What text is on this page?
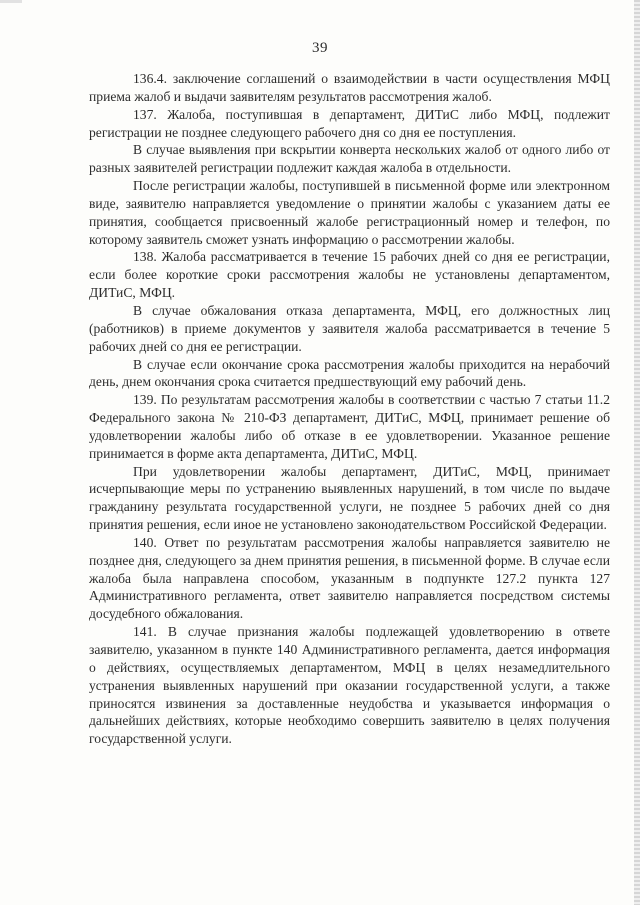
39

136.4. заключение соглашений о взаимодействии в части осуществления МФЦ приема жалоб и выдачи заявителям результатов рассмотрения жалоб.

137. Жалоба, поступившая в департамент, ДИТиС либо МФЦ, подлежит регистрации не позднее следующего рабочего дня со дня ее поступления.

В случае выявления при вскрытии конверта нескольких жалоб от одного либо от разных заявителей регистрации подлежит каждая жалоба в отдельности.

После регистрации жалобы, поступившей в письменной форме или электронном виде, заявителю направляется уведомление о принятии жалобы с указанием даты ее принятия, сообщается присвоенный жалобе регистрационный номер и телефон, по которому заявитель сможет узнать информацию о рассмотрении жалобы.

138. Жалоба рассматривается в течение 15 рабочих дней со дня ее регистрации, если более короткие сроки рассмотрения жалобы не установлены департаментом, ДИТиС, МФЦ.

В случае обжалования отказа департамента, МФЦ, его должностных лиц (работников) в приеме документов у заявителя жалоба рассматривается в течение 5 рабочих дней со дня ее регистрации.

В случае если окончание срока рассмотрения жалобы приходится на нерабочий день, днем окончания срока считается предшествующий ему рабочий день.

139. По результатам рассмотрения жалобы в соответствии с частью 7 статьи 11.2 Федерального закона № 210-ФЗ департамент, ДИТиС, МФЦ, принимает решение об удовлетворении жалобы либо об отказе в ее удовлетворении. Указанное решение принимается в форме акта департамента, ДИТиС, МФЦ.

При удовлетворении жалобы департамент, ДИТиС, МФЦ, принимает исчерпывающие меры по устранению выявленных нарушений, в том числе по выдаче гражданину результата государственной услуги, не позднее 5 рабочих дней со дня принятия решения, если иное не установлено законодательством Российской Федерации.

140. Ответ по результатам рассмотрения жалобы направляется заявителю не позднее дня, следующего за днем принятия решения, в письменной форме. В случае если жалоба была направлена способом, указанным в подпункте 127.2 пункта 127 Административного регламента, ответ заявителю направляется посредством системы досудебного обжалования.

141. В случае признания жалобы подлежащей удовлетворению в ответе заявителю, указанном в пункте 140 Административного регламента, дается информация о действиях, осуществляемых департаментом, МФЦ в целях незамедлительного устранения выявленных нарушений при оказании государственной услуги, а также приносятся извинения за доставленные неудобства и указывается информация о дальнейших действиях, которые необходимо совершить заявителю в целях получения государственной услуги.
